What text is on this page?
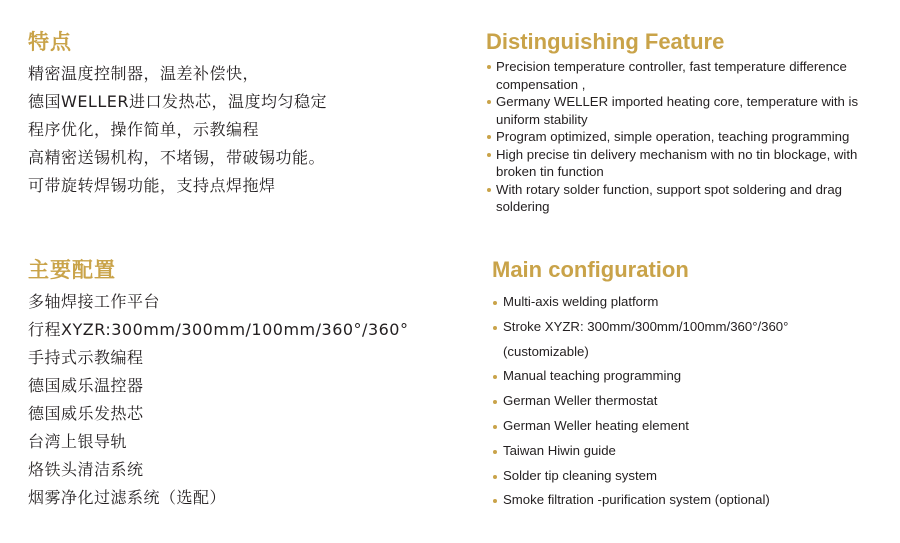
特点
精密温度控制器，温差补偿快，
德国WELLER进口发热芯，温度均匀稳定
程序优化，操作简单，示教编程
高精密送锡机构，不堵锡，带破锡功能。
可带旋转焊锡功能，支持点焊拖焊
Distinguishing Feature
Precision temperature controller, fast temperature difference compensation ,
Germany WELLER imported heating core, temperature with is uniform stability
Program optimized, simple operation, teaching programming
High precise tin delivery mechanism with no tin blockage, with broken tin function
With rotary solder function, support spot soldering and drag soldering
主要配置
多轴焊接工作平台
行程XYZR:300mm/300mm/100mm/360°/360°
手持式示教编程
德国威乐温控器
德国威乐发热芯
台湾上银导轨
烙铁头清洁系统
烟雾净化过滤系统（选配）
Main configuration
Multi-axis welding platform
Stroke XYZR: 300mm/300mm/100mm/360°/360°
(customizable)
Manual teaching programming
German Weller thermostat
German Weller heating element
Taiwan Hiwin guide
Solder tip cleaning system
Smoke filtration -purification system (optional)
